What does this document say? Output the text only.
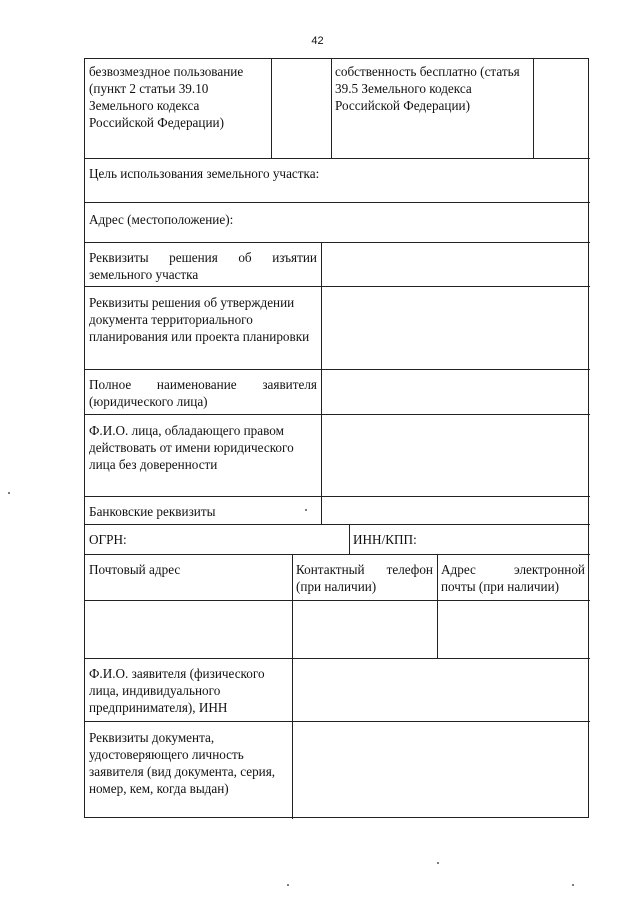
42
безвозмездное пользование (пункт 2 статьи 39.10 Земельного кодекса Российской Федерации)
собственность бесплатно (статья 39.5 Земельного кодекса Российской Федерации)
Цель использования земельного участка:
Адрес (местоположение):
Реквизиты решения об изъятии
земельного участка
Реквизиты решения об утверждении документа территориального планирования или проекта планировки
Полное наименование заявителя
(юридического лица)
Ф.И.О. лица, обладающего правом действовать от имени юридического лица без доверенности
Банковские реквизиты
ОГРН:	ИНН/КПП:
Почтовый адрес	Контактный телефон
(при наличии)
Адрес электронной
почты (при наличии)
Ф.И.О. заявителя (физического лица, индивидуального предпринимателя), ИНН
Реквизиты документа, удостоверяющего личность заявителя (вид документа, серия, номер, кем, когда выдан)
